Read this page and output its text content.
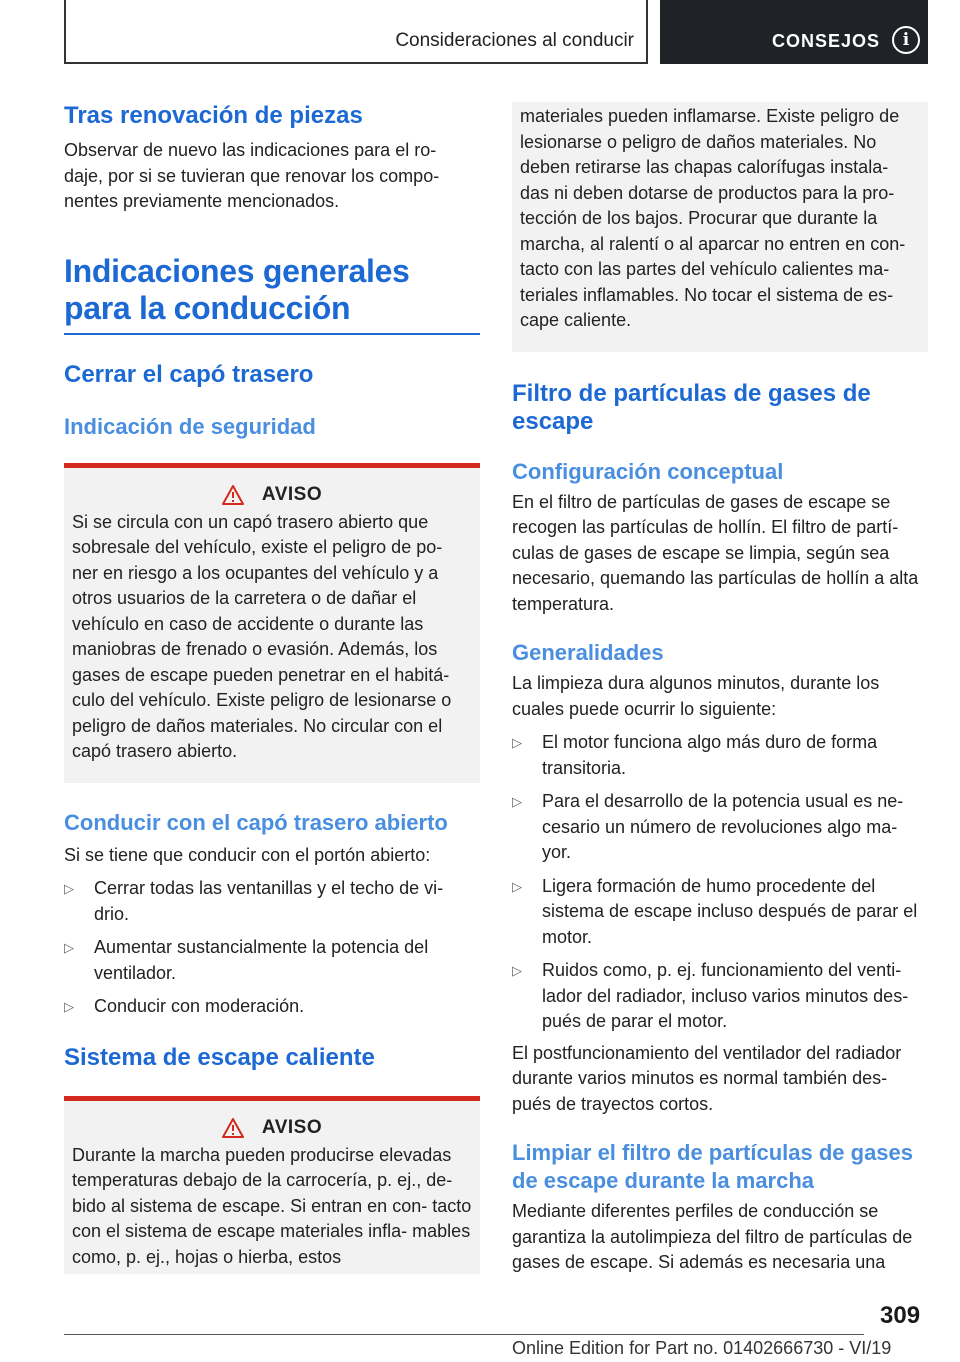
Consideraciones al conducir	CONSEJOS	i
Tras renovación de piezas

Observar de nuevo las indicaciones para el ro- daje, por si se tuvieran que renovar los compo- nentes previamente mencionados.

Indicaciones generales
para la conducción
Cerrar el capó trasero
Indicación de seguridad
AVISO

Si se circula con un capó trasero abierto que sobresale del vehículo, existe el peligro de po- ner en riesgo a los ocupantes del vehículo y a otros usuarios de la carretera o de dañar el vehículo en caso de accidente o durante las maniobras de frenado o evasión. Además, los gases de escape pueden penetrar en el habitá- culo del vehículo. Existe peligro de lesionarse o peligro de daños materiales. No circular con el capó trasero abierto.

Conducir con el capó trasero abierto

Si se tiene que conducir con el portón abierto:

▷ Cerrar todas las ventanillas y el techo de vi- drio.
▷ Aumentar sustancialmente la potencia del ventilador.
▷ Conducir con moderación.
Sistema de escape caliente
AVISO

Durante la marcha pueden producirse elevadas temperaturas debajo de la carrocería, p. ej., de- bido al sistema de escape. Si entran en con- tacto con el sistema de escape materiales infla- mables como, p. ej., hojas o hierba, estos

materiales pueden inflamarse. Existe peligro de lesionarse o peligro de daños materiales. No deben retirarse las chapas calorífugas instala- das ni deben dotarse de productos para la pro- tección de los bajos. Procurar que durante la marcha, al ralentí o al aparcar no entren en con- tacto con las partes del vehículo calientes ma- teriales inflamables. No tocar el sistema de es- cape caliente.

Filtro de partículas de gases de escape
Configuración conceptual

En el filtro de partículas de gases de escape se recogen las partículas de hollín. El filtro de partí- culas de gases de escape se limpia, según sea necesario, quemando las partículas de hollín a alta temperatura.

Generalidades

La limpieza dura algunos minutos, durante los cuales puede ocurrir lo siguiente:

▷ El motor funciona algo más duro de forma transitoria.
▷ Para el desarrollo de la potencia usual es ne- cesario un número de revoluciones algo ma- yor.
▷ Ligera formación de humo procedente del sistema de escape incluso después de parar el motor.
▷ Ruidos como, p. ej. funcionamiento del venti- lador del radiador, incluso varios minutos des- pués de parar el motor.

El postfuncionamiento del ventilador del radiador durante varios minutos es normal también des- pués de trayectos cortos.

Limpiar el filtro de partículas de gases de escape durante la marcha

Mediante diferentes perfiles de conducción se garantiza la autolimpieza del filtro de partículas de gases de escape. Si además es necesaria una

309
Online Edition for Part no. 01402666730 - VI/19
